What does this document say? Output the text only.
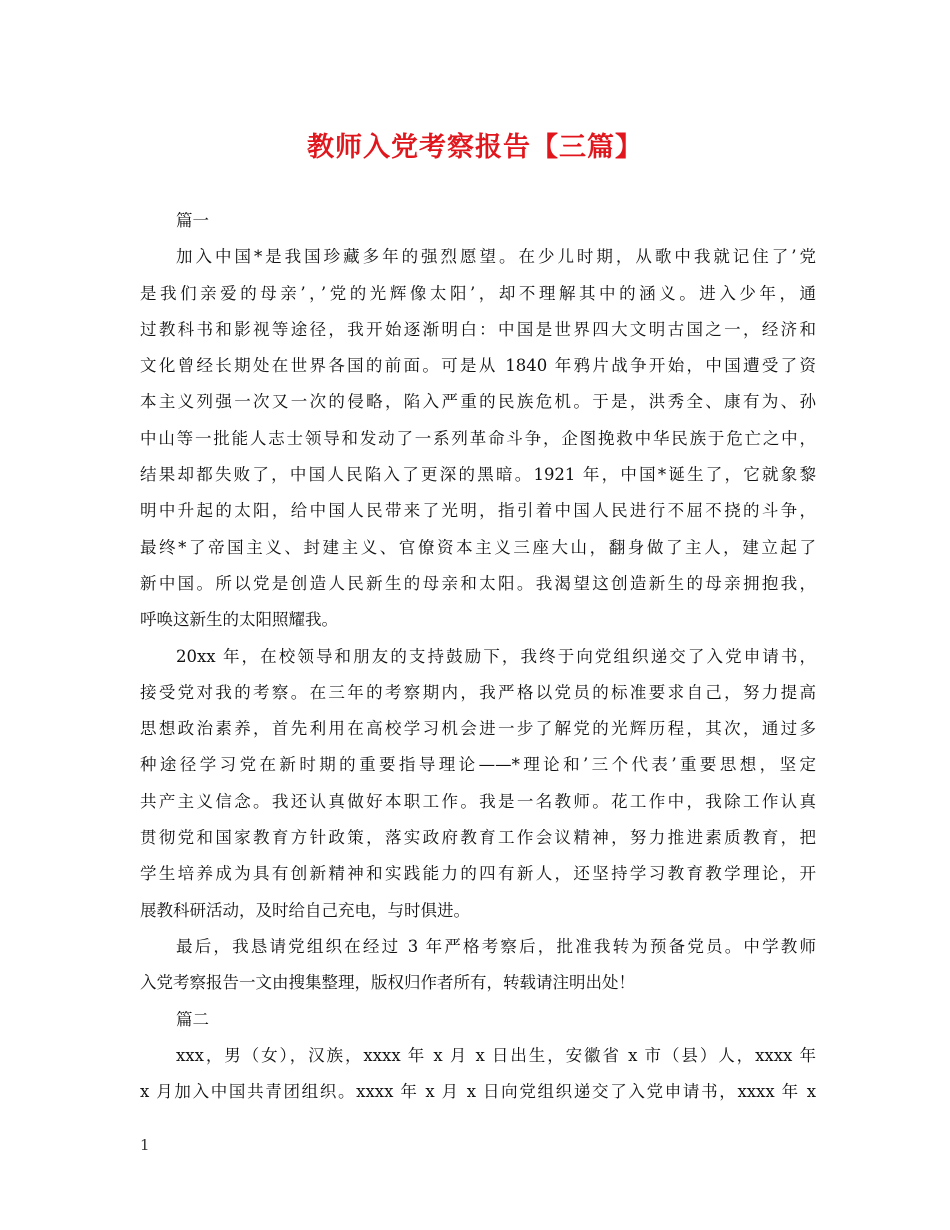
教师入党考察报告【三篇】
篇一
加入中国*是我国珍藏多年的强烈愿望。在少儿时期，从歌中我就记住了’党
是我们亲爱的母亲’，’党的光辉像太阳’，却不理解其中的涵义。进入少年，通
过教科书和影视等途径，我开始逐渐明白：中国是世界四大文明古国之一，经济和
文化曾经长期处在世界各国的前面。可是从 1840 年鸦片战争开始，中国遭受了资
本主义列强一次又一次的侵略，陷入严重的民族危机。于是，洪秀全、康有为、孙
中山等一批能人志士领导和发动了一系列革命斗争，企图挽救中华民族于危亡之中，
结果却都失败了，中国人民陷入了更深的黑暗。1921 年，中国*诞生了，它就象黎
明中升起的太阳，给中国人民带来了光明，指引着中国人民进行不屈不挠的斗争，
最终*了帝国主义、封建主义、官僚资本主义三座大山，翻身做了主人，建立起了
新中国。所以党是创造人民新生的母亲和太阳。我渴望这创造新生的母亲拥抱我，
呼唤这新生的太阳照耀我。
20xx 年，在校领导和朋友的支持鼓励下，我终于向党组织递交了入党申请书，
接受党对我的考察。在三年的考察期内，我严格以党员的标准要求自己，努力提高
思想政治素养，首先利用在高校学习机会进一步了解党的光辉历程，其次，通过多
种途径学习党在新时期的重要指导理论——*理论和’三个代表’重要思想，坚定
共产主义信念。我还认真做好本职工作。我是一名教师。花工作中，我除工作认真
贯彻党和国家教育方针政策，落实政府教育工作会议精神，努力推进素质教育，把
学生培养成为具有创新精神和实践能力的四有新人，还坚持学习教育教学理论，开
展教科研活动，及时给自己充电，与时俱进。
最后，我恳请党组织在经过 3 年严格考察后，批准我转为预备党员。中学教师
入党考察报告一文由搜集整理，版权归作者所有，转载请注明出处！
篇二
xxx，男（女），汉族，xxxx 年 x 月 x 日出生，安徽省 x 市（县）人，xxxx 年
x 月加入中国共青团组织。xxxx 年 x 月 x 日向党组织递交了入党申请书，xxxx 年 x
1
